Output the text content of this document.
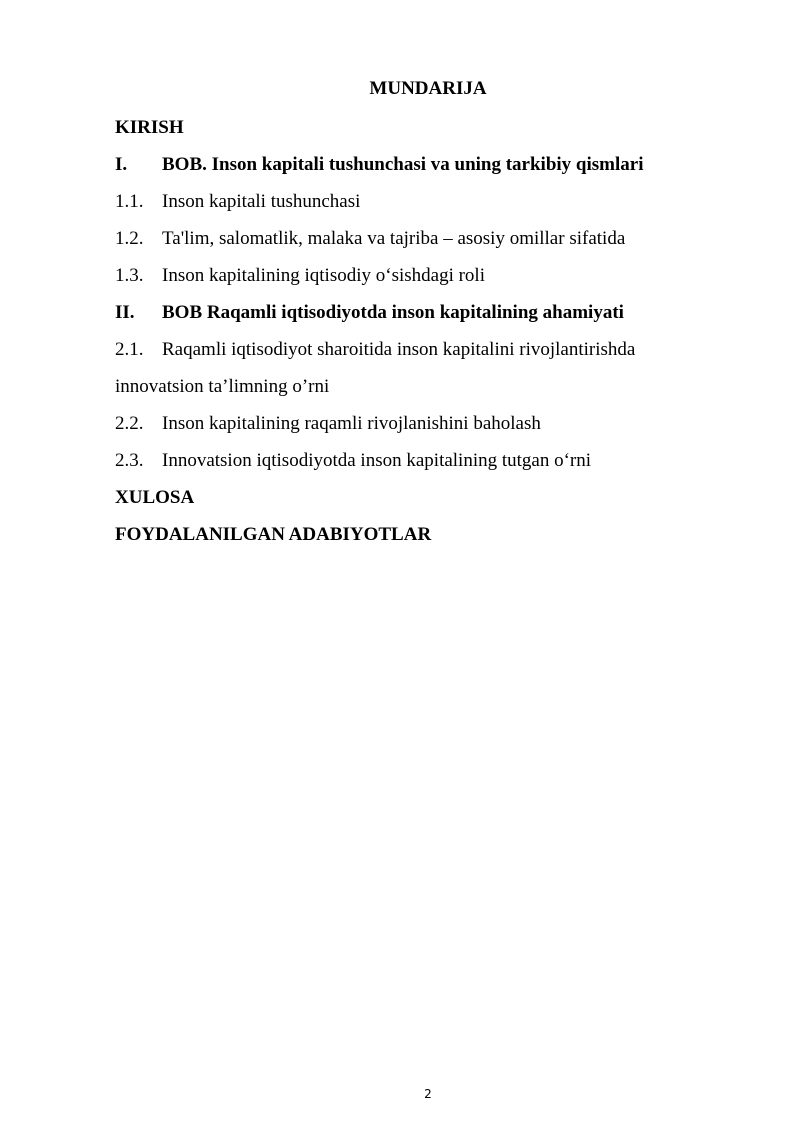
MUNDARIJA
KIRISH
I. BOB. Inson kapitali tushunchasi va uning tarkibiy qismlari
1.1. Inson kapitali tushunchasi
1.2. Ta'lim, salomatlik, malaka va tajriba – asosiy omillar sifatida
1.3. Inson kapitalining iqtisodiy o‘sishdagi roli
II. BOB Raqamli iqtisodiyotda inson kapitalining ahamiyati
2.1. Raqamli iqtisodiyot sharoitida inson kapitalini rivojlantirishda
innovatsion ta’limning o’rni
2.2. Inson kapitalining raqamli rivojlanishini baholash
2.3. Innovatsion iqtisodiyotda inson kapitalining tutgan o‘rni
XULOSA
FOYDALANILGAN ADABIYOTLAR
2
